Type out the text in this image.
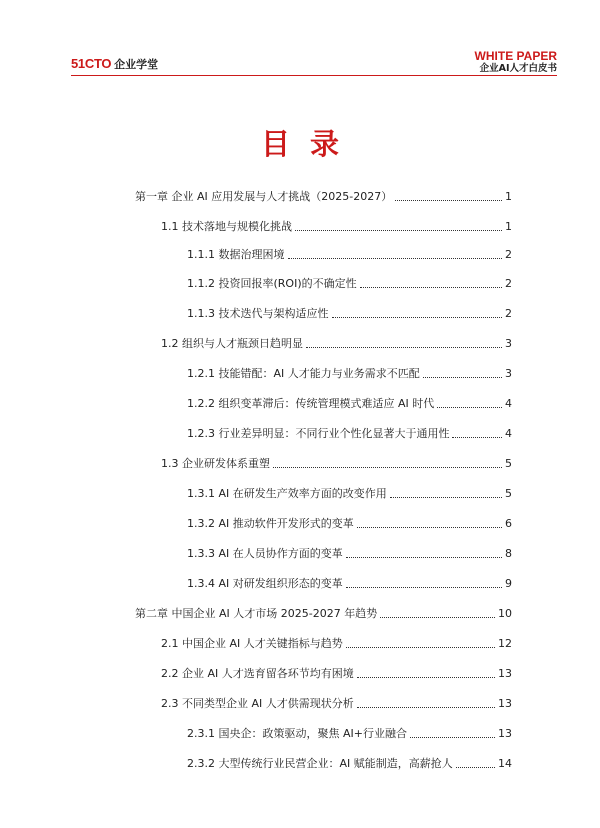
51CTO 企业学堂
WHITE PAPER
企业AI人才白皮书
目录
第一章 企业 AI 应用发展与人才挑战（2025-2027）	1
1.1 技术落地与规模化挑战	1
1.1.1 数据治理困境	2
1.1.2 投资回报率(ROI)的不确定性	2
1.1.3 技术迭代与架构适应性	2
1.2 组织与人才瓶颈日趋明显	3
1.2.1 技能错配：AI 人才能力与业务需求不匹配	3
1.2.2 组织变革滞后：传统管理模式难适应 AI 时代	4
1.2.3 行业差异明显：不同行业个性化显著大于通用性	4
1.3 企业研发体系重塑	5
1.3.1 AI 在研发生产效率方面的改变作用	5
1.3.2 AI 推动软件开发形式的变革	6
1.3.3 AI 在人员协作方面的变革	8
1.3.4 AI 对研发组织形态的变革	9
第二章 中国企业 AI 人才市场 2025-2027 年趋势	10
2.1 中国企业 AI 人才关键指标与趋势	12
2.2 企业 AI 人才选育留各环节均有困境	13
2.3 不同类型企业 AI 人才供需现状分析	13
2.3.1 国央企：政策驱动，聚焦 AI+行业融合	13
2.3.2 大型传统行业民营企业：AI 赋能制造，高薪抢人	14
